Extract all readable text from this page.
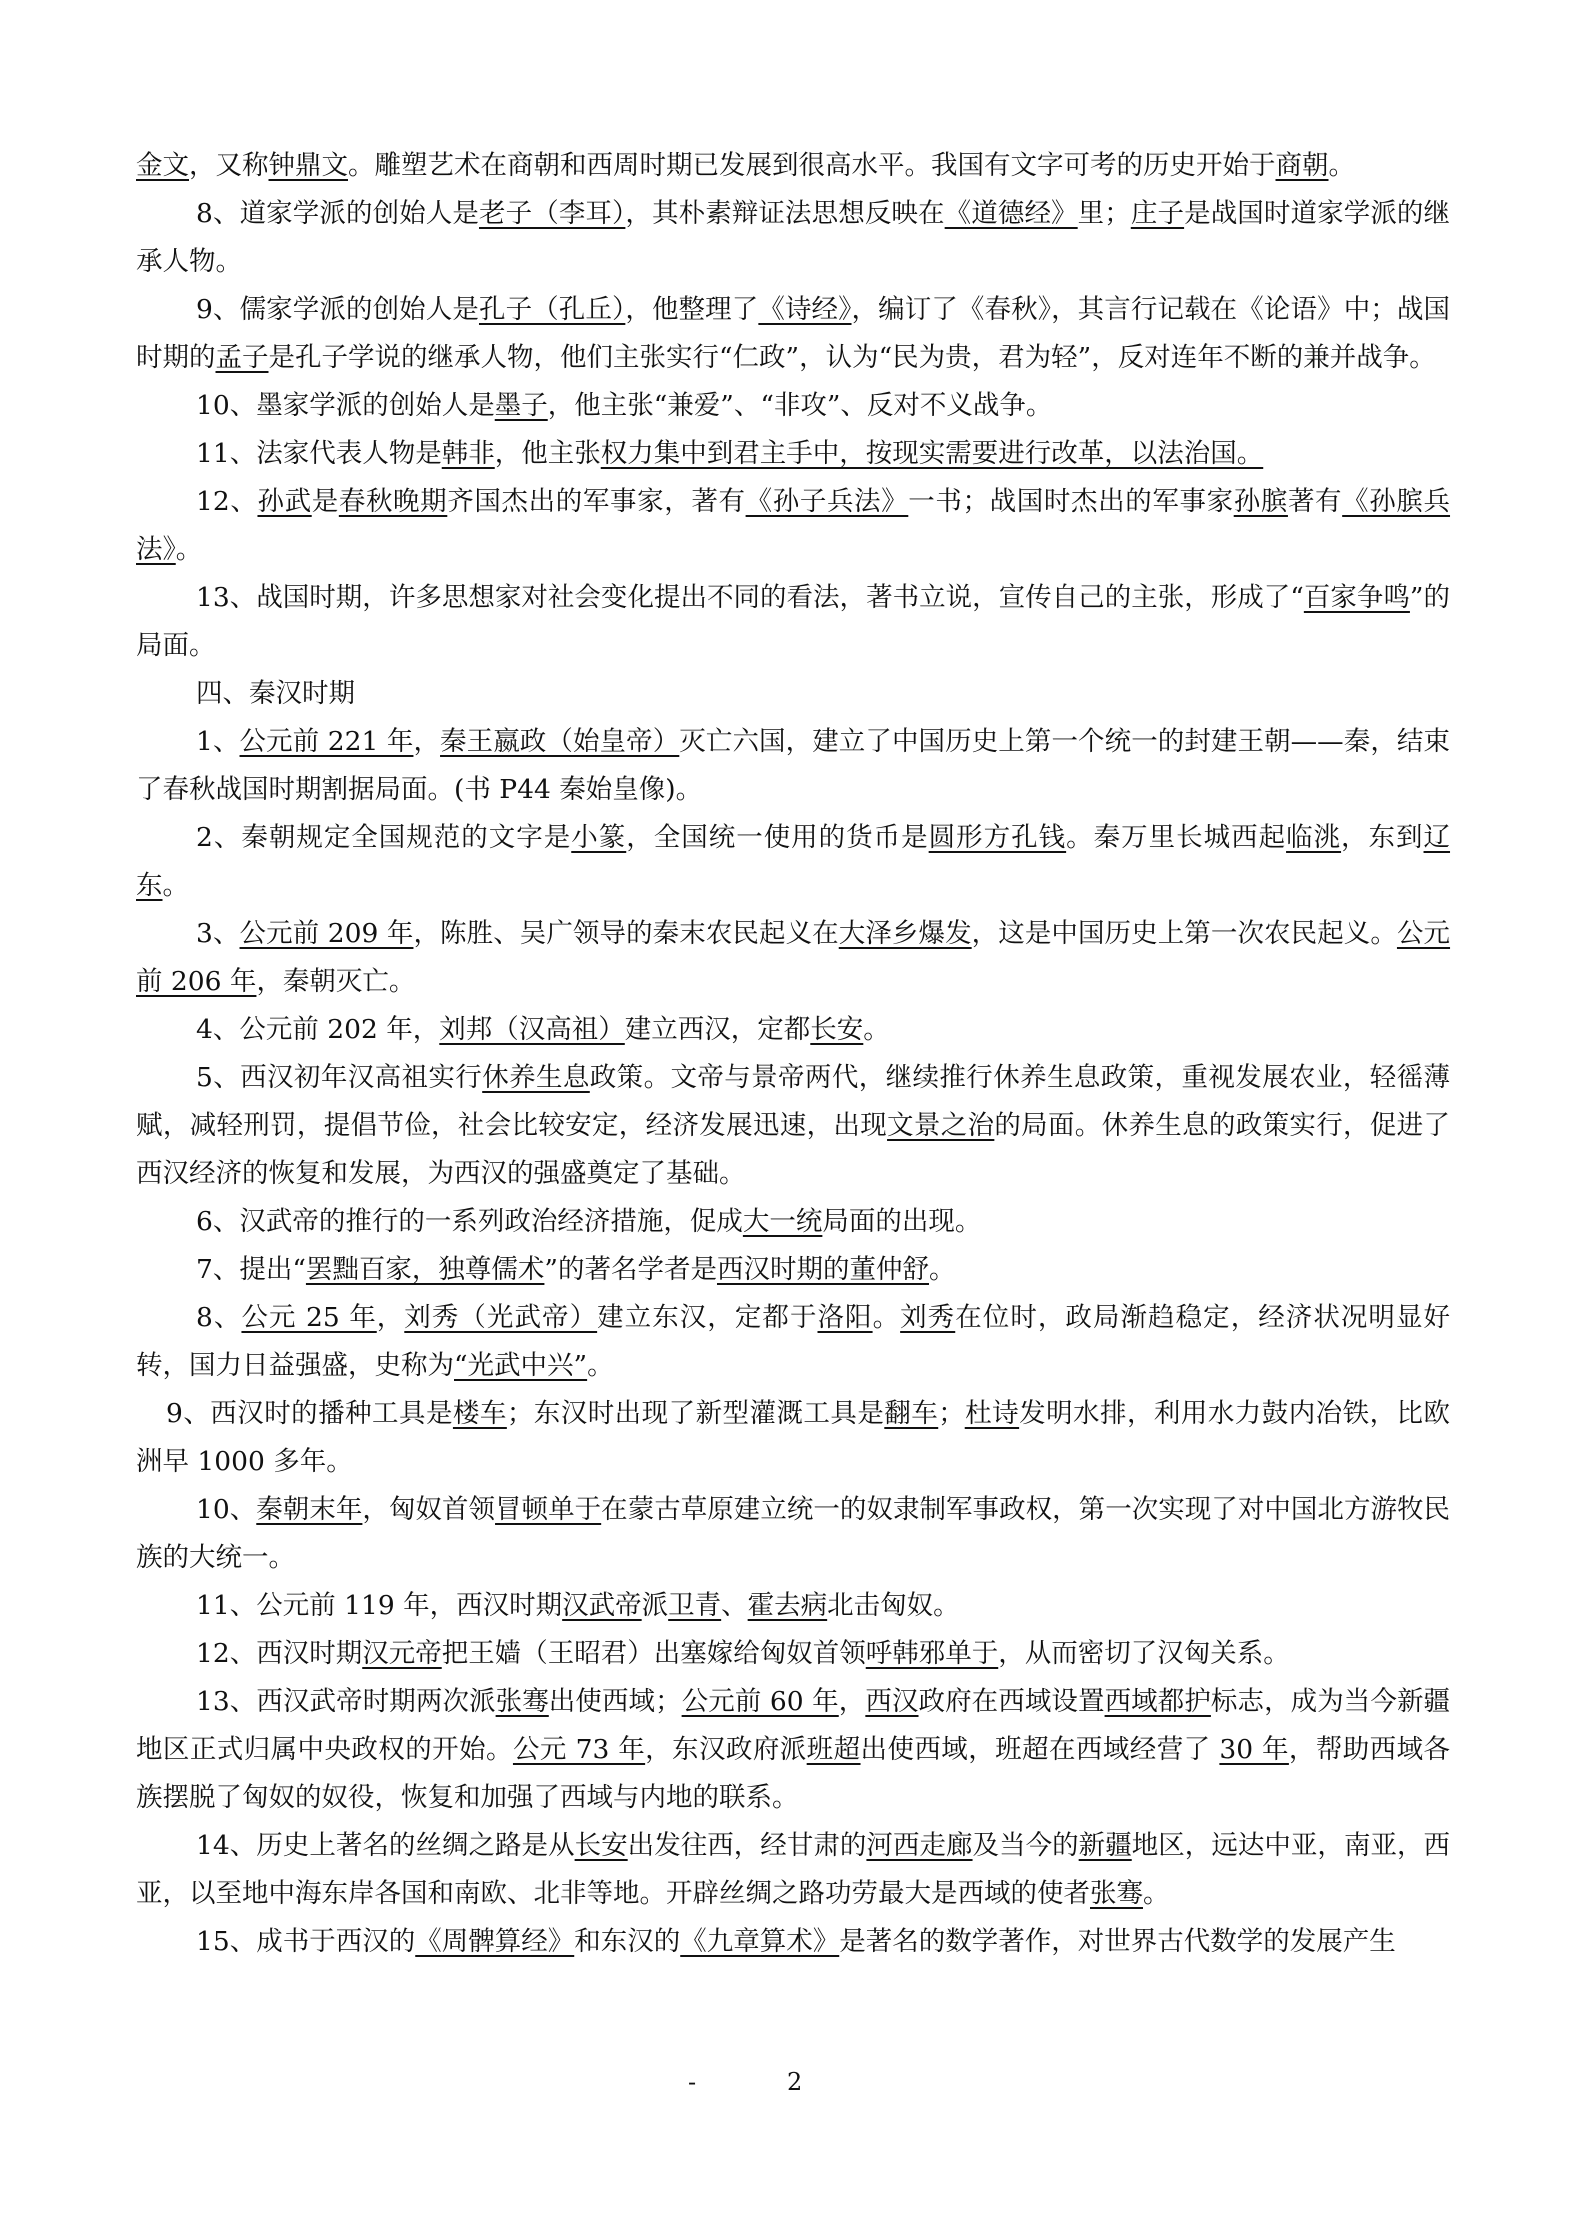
金文，又称钟鼎文。雕塑艺术在商朝和西周时期已发展到很高水平。我国有文字可考的历史开始于商朝。

8、道家学派的创始人是老子（李耳），其朴素辩证法思想反映在《道德经》里；庄子是战国时道家学派的继承人物。

9、儒家学派的创始人是孔子（孔丘），他整理了《诗经》，编订了《春秋》，其言行记载在《论语》中；战国时期的孟子是孔子学说的继承人物，他们主张实行“仁政”，认为“民为贵，君为轻”，反对连年不断的兼并战争。

10、墨家学派的创始人是墨子，他主张“兼爱”、“非攻”、反对不义战争。

11、法家代表人物是韩非，他主张权力集中到君主手中，按现实需要进行改革，以法治国。

12、孙武是春秋晚期齐国杰出的军事家，著有《孙子兵法》一书；战国时杰出的军事家孙膑著有《孙膑兵法》。

13、战国时期，许多思想家对社会变化提出不同的看法，著书立说，宣传自己的主张，形成了“百家争鸣”的局面。

四、秦汉时期

1、公元前 221 年，秦王嬴政（始皇帝）灭亡六国，建立了中国历史上第一个统一的封建王朝——秦，结束了春秋战国时期割据局面。(书 P44 秦始皇像)。

2、秦朝规定全国规范的文字是小篆，全国统一使用的货币是圆形方孔钱。秦万里长城西起临洮，东到辽东。

3、公元前 209 年，陈胜、吴广领导的秦末农民起义在大泽乡爆发，这是中国历史上第一次农民起义。公元前 206 年，秦朝灭亡。

4、公元前 202 年，刘邦（汉高祖）建立西汉，定都长安。

5、西汉初年汉高祖实行休养生息政策。文帝与景帝两代，继续推行休养生息政策，重视发展农业，轻徭薄赋，减轻刑罚，提倡节俭，社会比较安定，经济发展迅速，出现文景之治的局面。休养生息的政策实行，促进了西汉经济的恢复和发展，为西汉的强盛奠定了基础。

6、汉武帝的推行的一系列政治经济措施，促成大一统局面的出现。

7、提出“罢黜百家，独尊儒术”的著名学者是西汉时期的董仲舒。

8、公元 25 年，刘秀（光武帝）建立东汉，定都于洛阳。刘秀在位时，政局渐趋稳定，经济状况明显好转，国力日益强盛，史称为“光武中兴”。

9、西汉时的播种工具是楼车；东汉时出现了新型灌溉工具是翻车；杜诗发明水排，利用水力鼓内冶铁，比欧洲早 1000 多年。

10、秦朝末年，匈奴首领冒顿单于在蒙古草原建立统一的奴隶制军事政权，第一次实现了对中国北方游牧民族的大统一。

11、公元前 119 年，西汉时期汉武帝派卫青、霍去病北击匈奴。

12、西汉时期汉元帝把王嫱（王昭君）出塞嫁给匈奴首领呼韩邪单于，从而密切了汉匈关系。

13、西汉武帝时期两次派张骞出使西域；公元前 60 年，西汉政府在西域设置西域都护标志，成为当今新疆地区正式归属中央政权的开始。公元 73 年，东汉政府派班超出使西域，班超在西域经营了 30 年，帮助西域各族摆脱了匈奴的奴役，恢复和加强了西域与内地的联系。

14、历史上著名的丝绸之路是从长安出发往西，经甘肃的河西走廊及当今的新疆地区，远达中亚，南亚，西亚，以至地中海东岸各国和南欧、北非等地。开辟丝绸之路功劳最大是西域的使者张骞。

15、成书于西汉的《周髀算经》和东汉的《九章算术》是著名的数学著作，对世界古代数学的发展产生

-	2
